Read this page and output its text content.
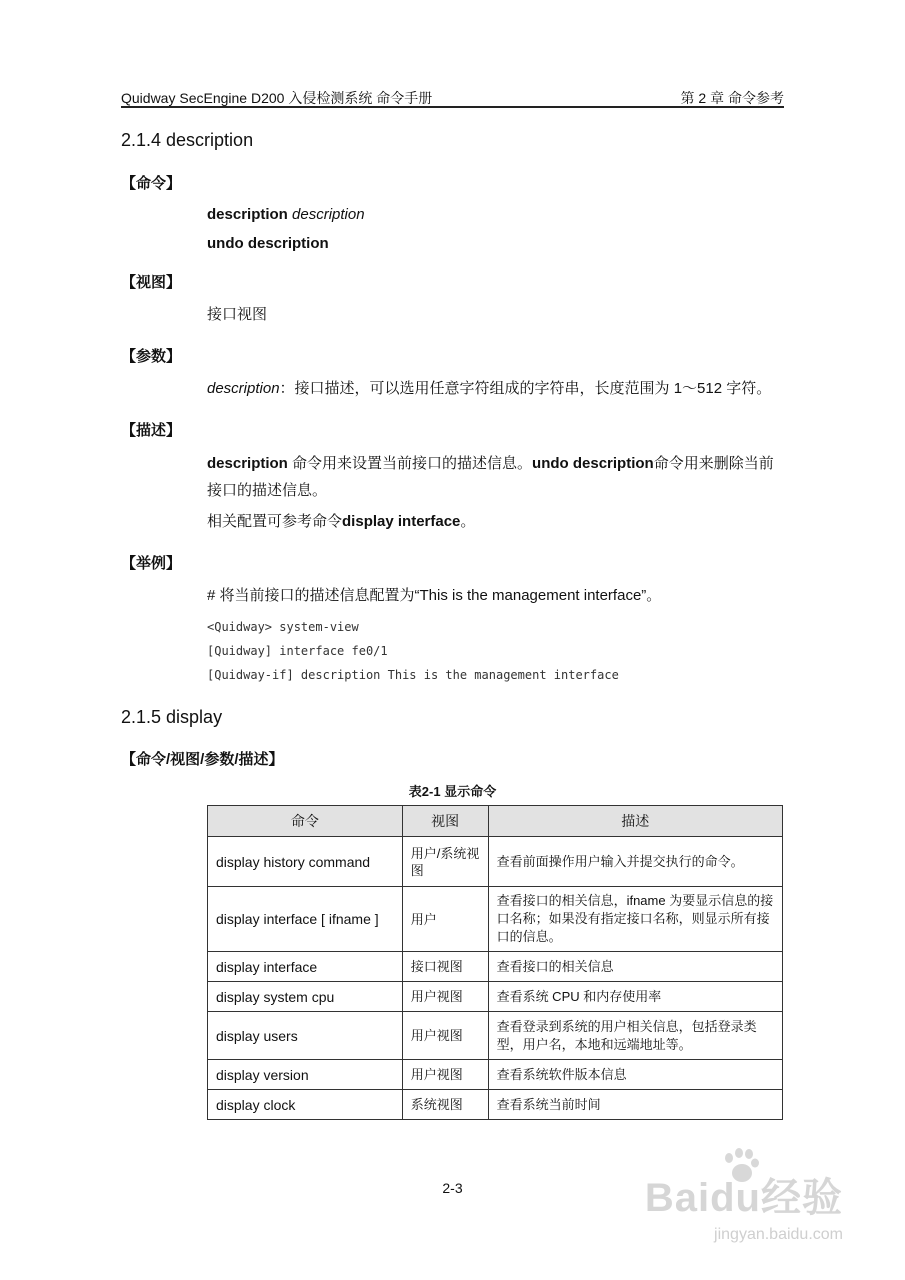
Quidway SecEngine D200 入侵检测系统 命令手册	第 2 章 命令参考
2.1.4 description
【命令】
description description
undo description
【视图】
接口视图
【参数】
description：接口描述，可以选用任意字符组成的字符串，长度范围为 1～512 字符。
【描述】
description 命令用来设置当前接口的描述信息。undo description命令用来删除当前接口的描述信息。
相关配置可参考命令display interface。
【举例】
# 将当前接口的描述信息配置为“This is the management interface”。
<Quidway> system-view
[Quidway] interface fe0/1
[Quidway-if] description This is the management interface
2.1.5 display
【命令/视图/参数/描述】
表2-1 显示命令
命令	视图	描述
display history command	用户/系统视图	查看前面操作用户输入并提交执行的命令。
display interface [ ifname ]	用户	查看接口的相关信息，ifname 为要显示信息的接口名称；如果没有指定接口名称，则显示所有接口的信息。
display interface	接口视图	查看接口的相关信息
display system cpu	用户视图	查看系统 CPU 和内存使用率
display users	用户视图	查看登录到系统的用户相关信息，包括登录类型，用户名，本地和远端地址等。
display version	用户视图	查看系统软件版本信息
display clock	系统视图	查看系统当前时间
2-3	Baidu经验
jingyan.baidu.com
